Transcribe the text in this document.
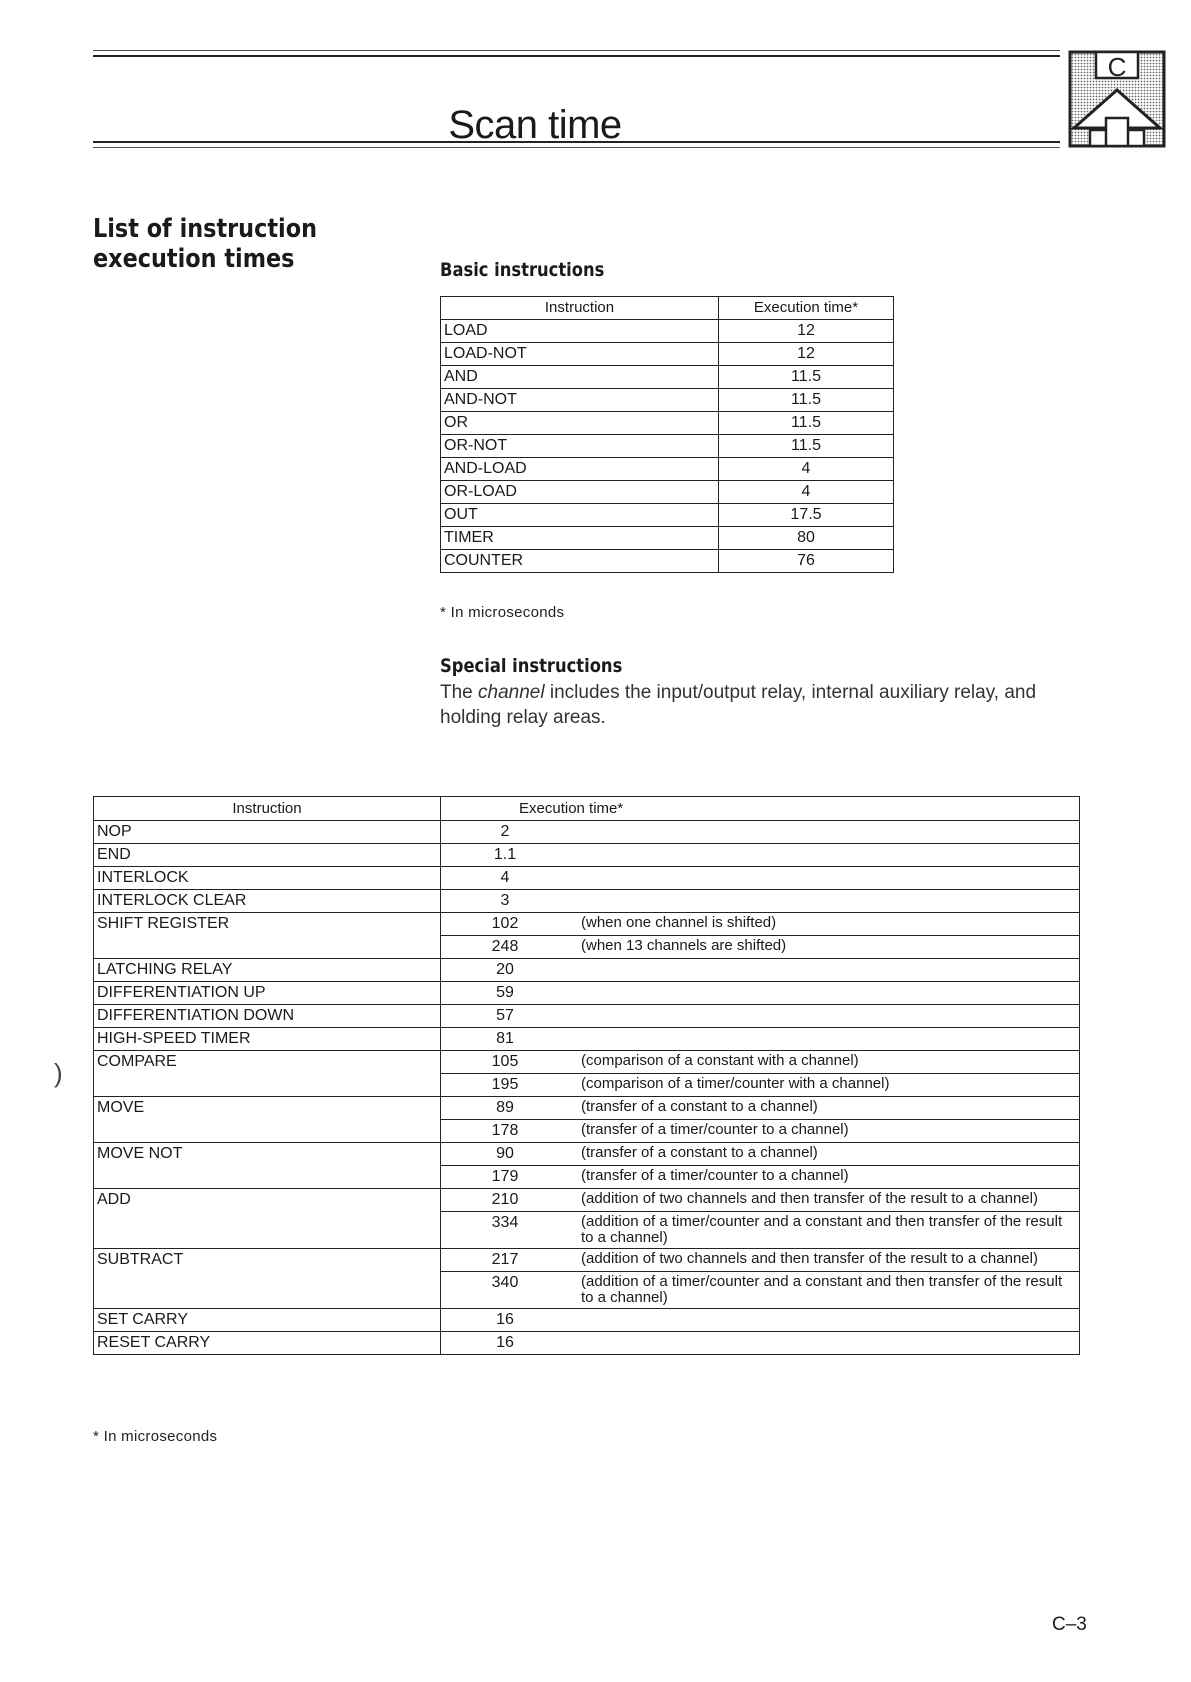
Scan time
C
List of instruction execution times	Basic instructions
Instruction	Execution time*
LOAD	12
LOAD-NOT	12
AND	11.5
AND-NOT	11.5
OR	11.5
OR-NOT	11.5
AND-LOAD	4
OR-LOAD	4
OUT	17.5
TIMER	80
COUNTER	76
* In microseconds
Special instructions
The channel includes the input/output relay, internal auxiliary relay, and holding relay areas.
Instruction	Execution time*	
NOP	2	
END	1.1	
INTERLOCK	4	
INTERLOCK CLEAR	3	
SHIFT REGISTER	102	(when one channel is shifted)
	248	(when 13 channels are shifted)
LATCHING RELAY	20	
DIFFERENTIATION UP	59	
DIFFERENTIATION DOWN	57	
HIGH-SPEED TIMER	81	
COMPARE	105	(comparison of a constant with a channel)
	195	(comparison of a timer/counter with a channel)
MOVE	89	(transfer of a constant to a channel)
	178	(transfer of a timer/counter to a channel)
MOVE NOT	90	(transfer of a constant to a channel)
	179	(transfer of a timer/counter to a channel)
ADD	210	(addition of two channels and then transfer of the result to a channel)
	334	(addition of a timer/counter and a constant and then transfer of the result to a channel)
SUBTRACT	217	(addition of two channels and then transfer of the result to a channel)
	340	(addition of a timer/counter and a constant and then transfer of the result to a channel)
SET CARRY	16	
RESET CARRY	16	
* In microseconds
)
C–3
